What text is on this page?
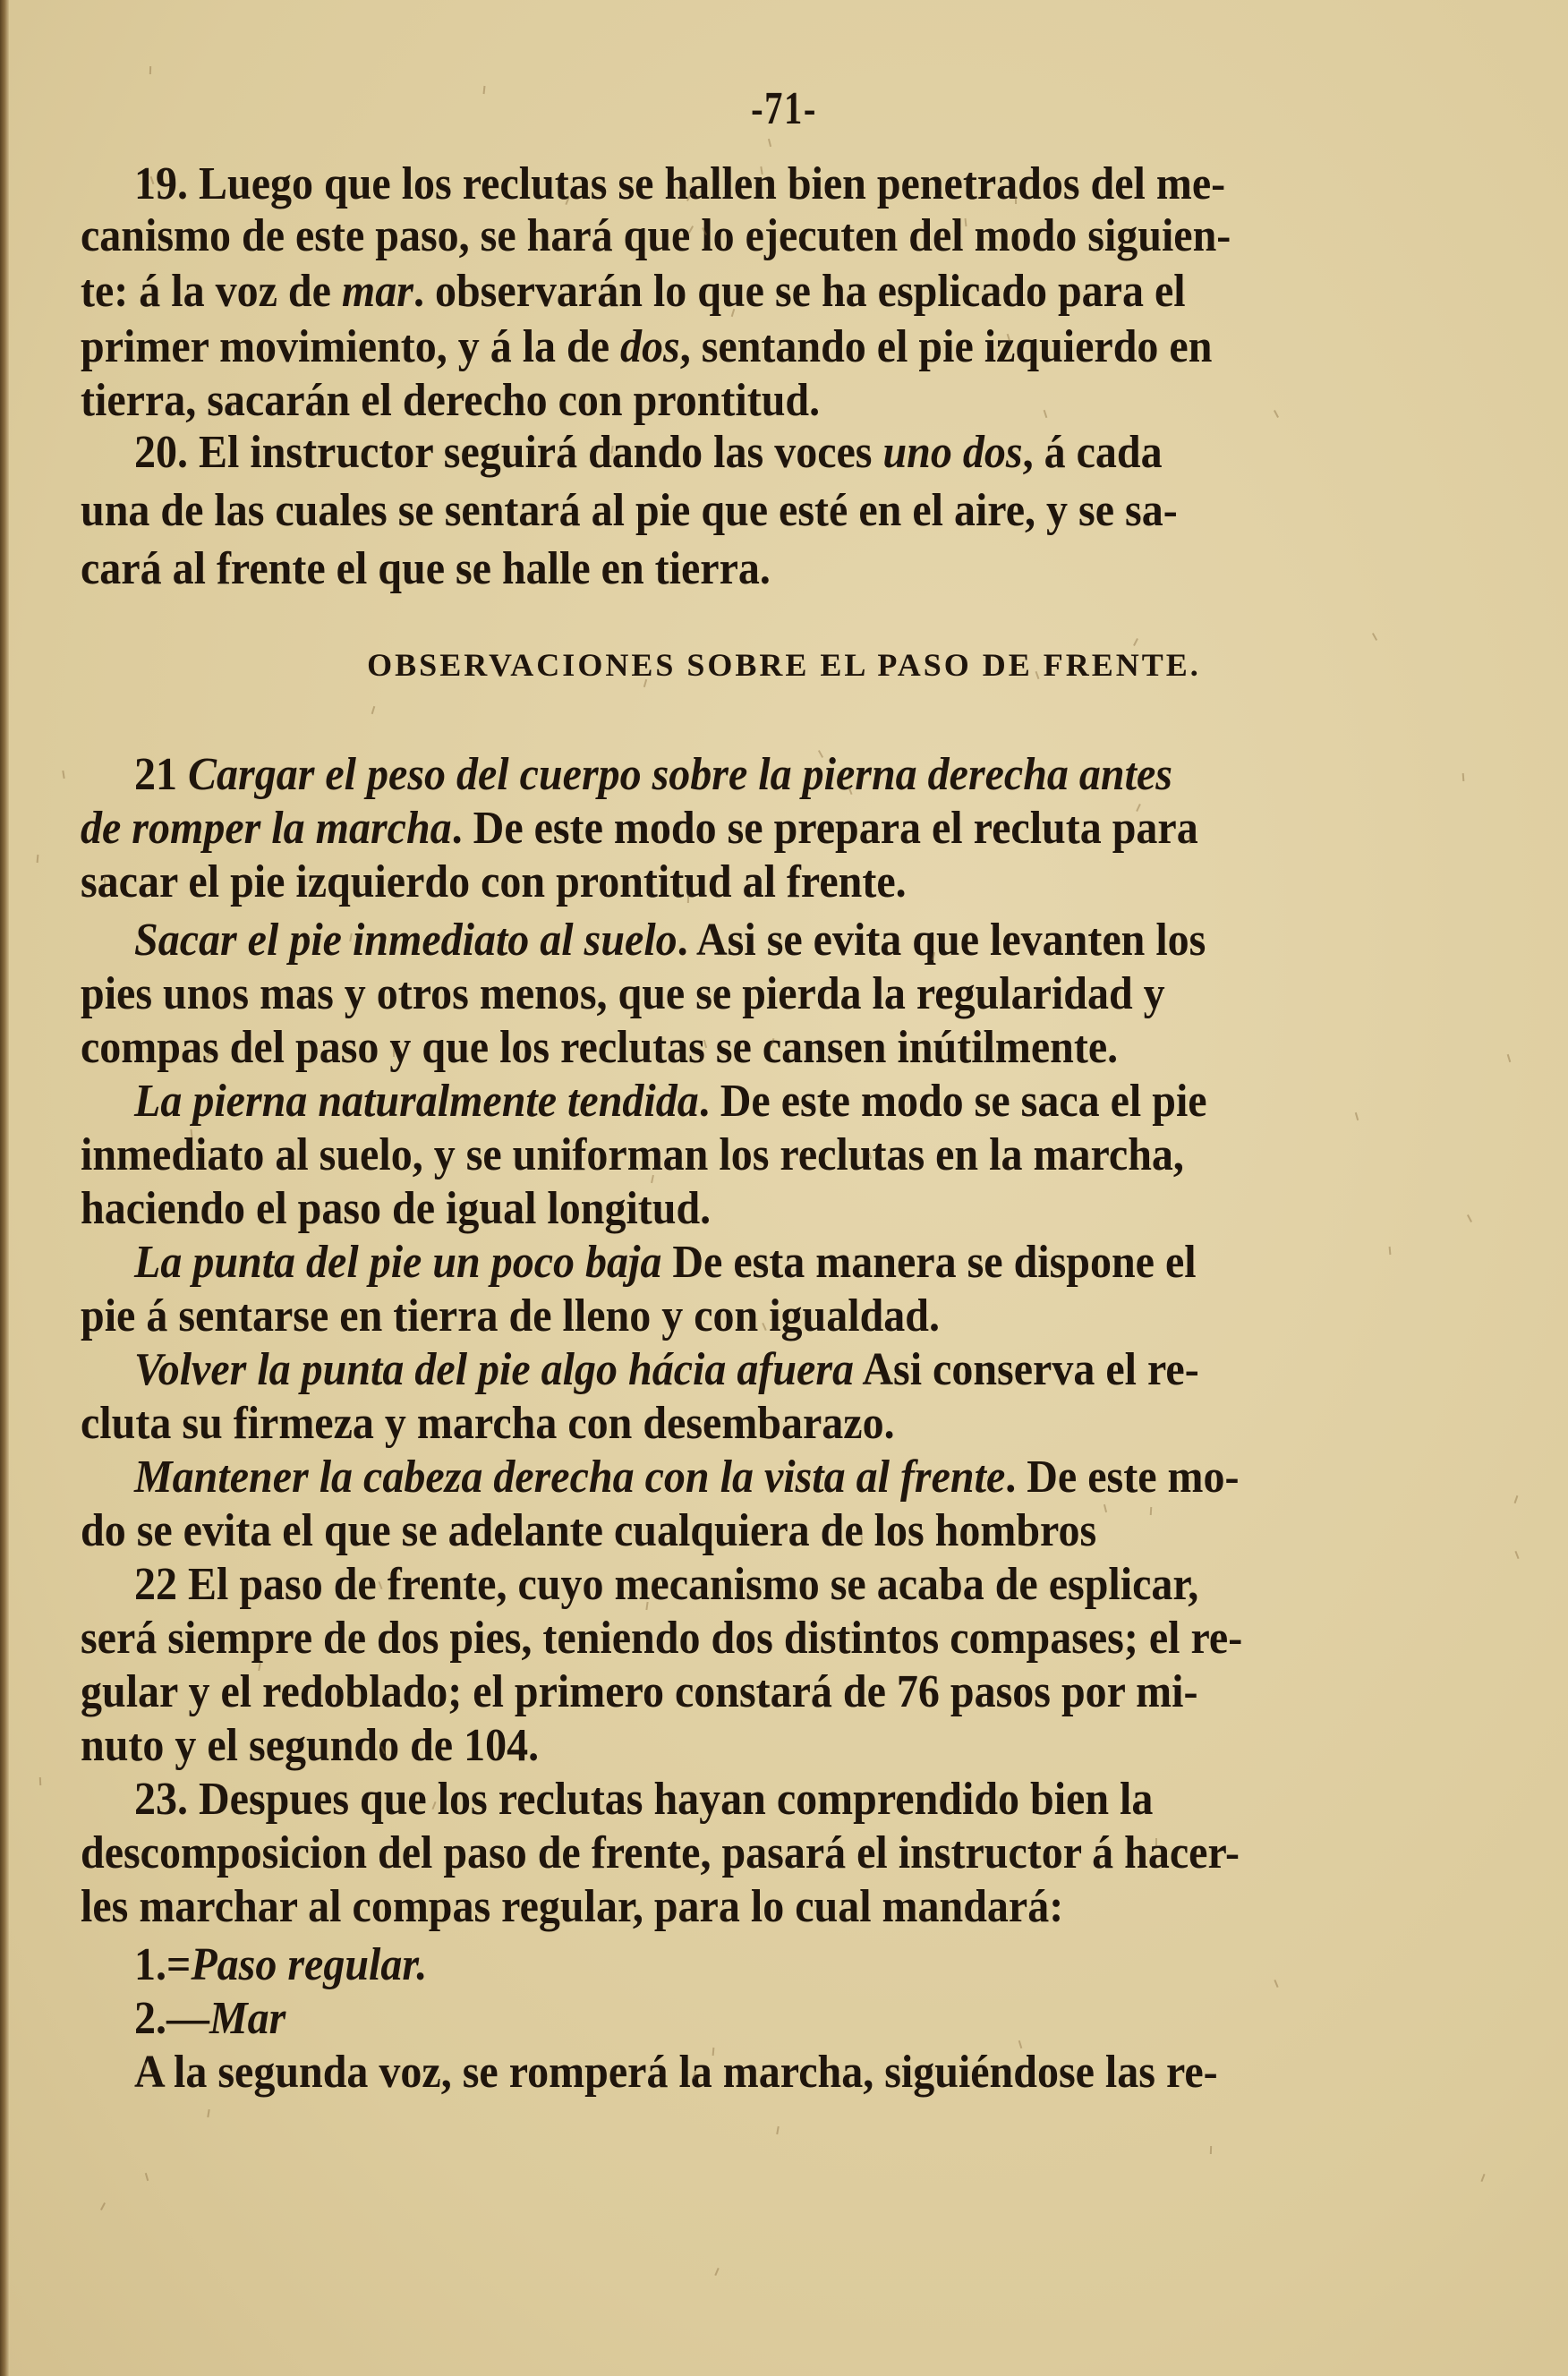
-71-
OBSERVACIONES SOBRE EL PASO DE FRENTE.
19. Luego que los reclutas se hallen bien penetrados del me-
canismo de este paso, se hará que lo ejecuten del modo siguien-
te: á la voz de mar. observarán lo que se ha esplicado para el
primer movimiento, y á la de dos, sentando el pie izquierdo en
tierra, sacarán el derecho con prontitud.
20. El instructor seguirá dando las voces uno dos, á cada
una de las cuales se sentará al pie que esté en el aire, y se sa-
cará al frente el que se halle en tierra.
21 Cargar el peso del cuerpo sobre la pierna derecha antes
de romper la marcha. De este modo se prepara el recluta para
sacar el pie izquierdo con prontitud al frente.
Sacar el pie inmediato al suelo. Asi se evita que levanten los
pies unos mas y otros menos, que se pierda la regularidad y
compas del paso y que los reclutas se cansen inútilmente.
La pierna naturalmente tendida. De este modo se saca el pie
inmediato al suelo, y se uniforman los reclutas en la marcha,
haciendo el paso de igual longitud.
La punta del pie un poco baja De esta manera se dispone el
pie á sentarse en tierra de lleno y con igualdad.
Volver la punta del pie algo hácia afuera Asi conserva el re-
cluta su firmeza y marcha con desembarazo.
Mantener la cabeza derecha con la vista al frente. De este mo-
do se evita el que se adelante cualquiera de los hombros
22 El paso de frente, cuyo mecanismo se acaba de esplicar,
será siempre de dos pies, teniendo dos distintos compases; el re-
gular y el redoblado; el primero constará de 76 pasos por mi-
nuto y el segundo de 104.
23. Despues que los reclutas hayan comprendido bien la
descomposicion del paso de frente, pasará el instructor á hacer-
les marchar al compas regular, para lo cual mandará:
1.=Paso regular.
2.—Mar
A la segunda voz, se romperá la marcha, siguiéndose las re-
